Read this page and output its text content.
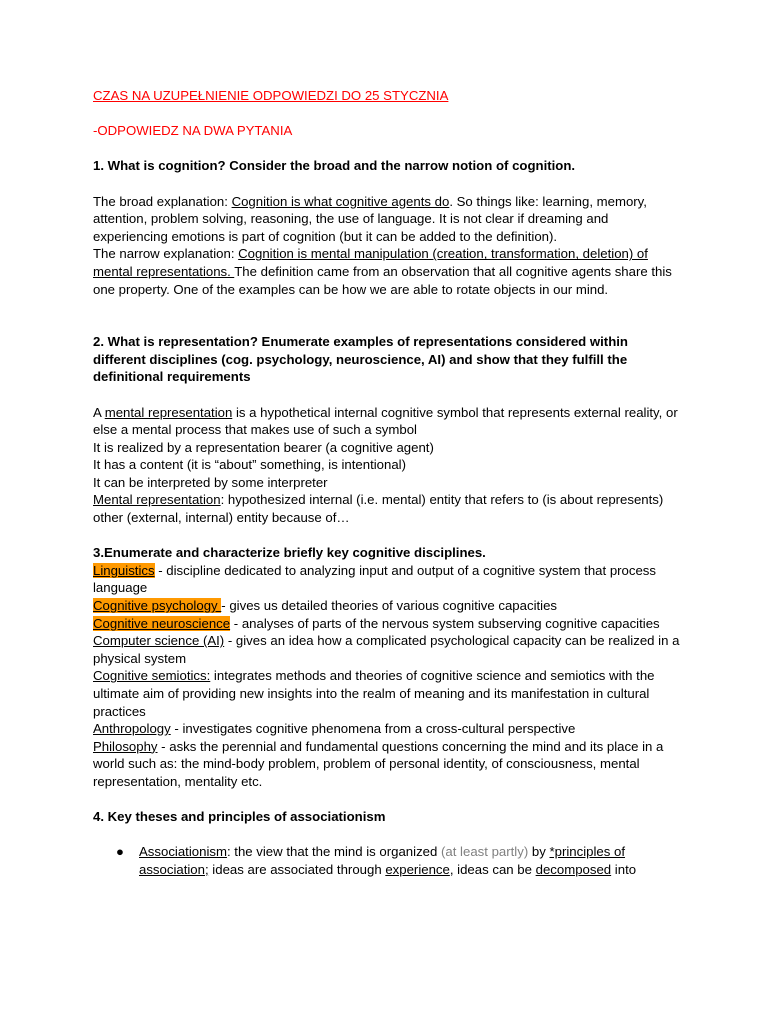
CZAS NA UZUPEŁNIENIE ODPOWIEDZI DO 25 STYCZNIA

-ODPOWIEDZ NA DWA PYTANIA

1. What is cognition? Consider the broad and the narrow notion of cognition.

The broad explanation: Cognition is what cognitive agents do. So things like: learning, memory, attention, problem solving, reasoning, the use of language. It is not clear if dreaming and experiencing emotions is part of cognition (but it can be added to the definition).

The narrow explanation: Cognition is mental manipulation (creation, transformation, deletion) of mental representations. The definition came from an observation that all cognitive agents share this one property. One of the examples can be how we are able to rotate objects in our mind.

2. What is representation? Enumerate examples of representations considered within different disciplines (cog. psychology, neuroscience, AI) and show that they fulfill the definitional requirements

A mental representation is a hypothetical internal cognitive symbol that represents external reality, or else a mental process that makes use of such a symbol

It is realized by a representation bearer (a cognitive agent)

It has a content (it is “about” something, is intentional)

It can be interpreted by some interpreter

Mental representation: hypothesized internal (i.e. mental) entity that refers to (is about represents) other (external, internal) entity because of…

3.Enumerate and characterize briefly key cognitive disciplines.

Linguistics - discipline dedicated to analyzing input and output of a cognitive system that process language

Cognitive psychology - gives us detailed theories of various cognitive capacities

Cognitive neuroscience - analyses of parts of the nervous system subserving cognitive capacities

Computer science (AI) - gives an idea how a complicated psychological capacity can be realized in a physical system

Cognitive semiotics: integrates methods and theories of cognitive science and semiotics with the ultimate aim of providing new insights into the realm of meaning and its manifestation in cultural practices

Anthropology - investigates cognitive phenomena from a cross-cultural perspective

Philosophy - asks the perennial and fundamental questions concerning the mind and its place in a world such as: the mind-body problem, problem of personal identity, of consciousness, mental representation, mentality etc.

4. Key theses and principles of associationism

● Associationism: the view that the mind is organized (at least partly) by *principles of association; ideas are associated through experience, ideas can be decomposed into
